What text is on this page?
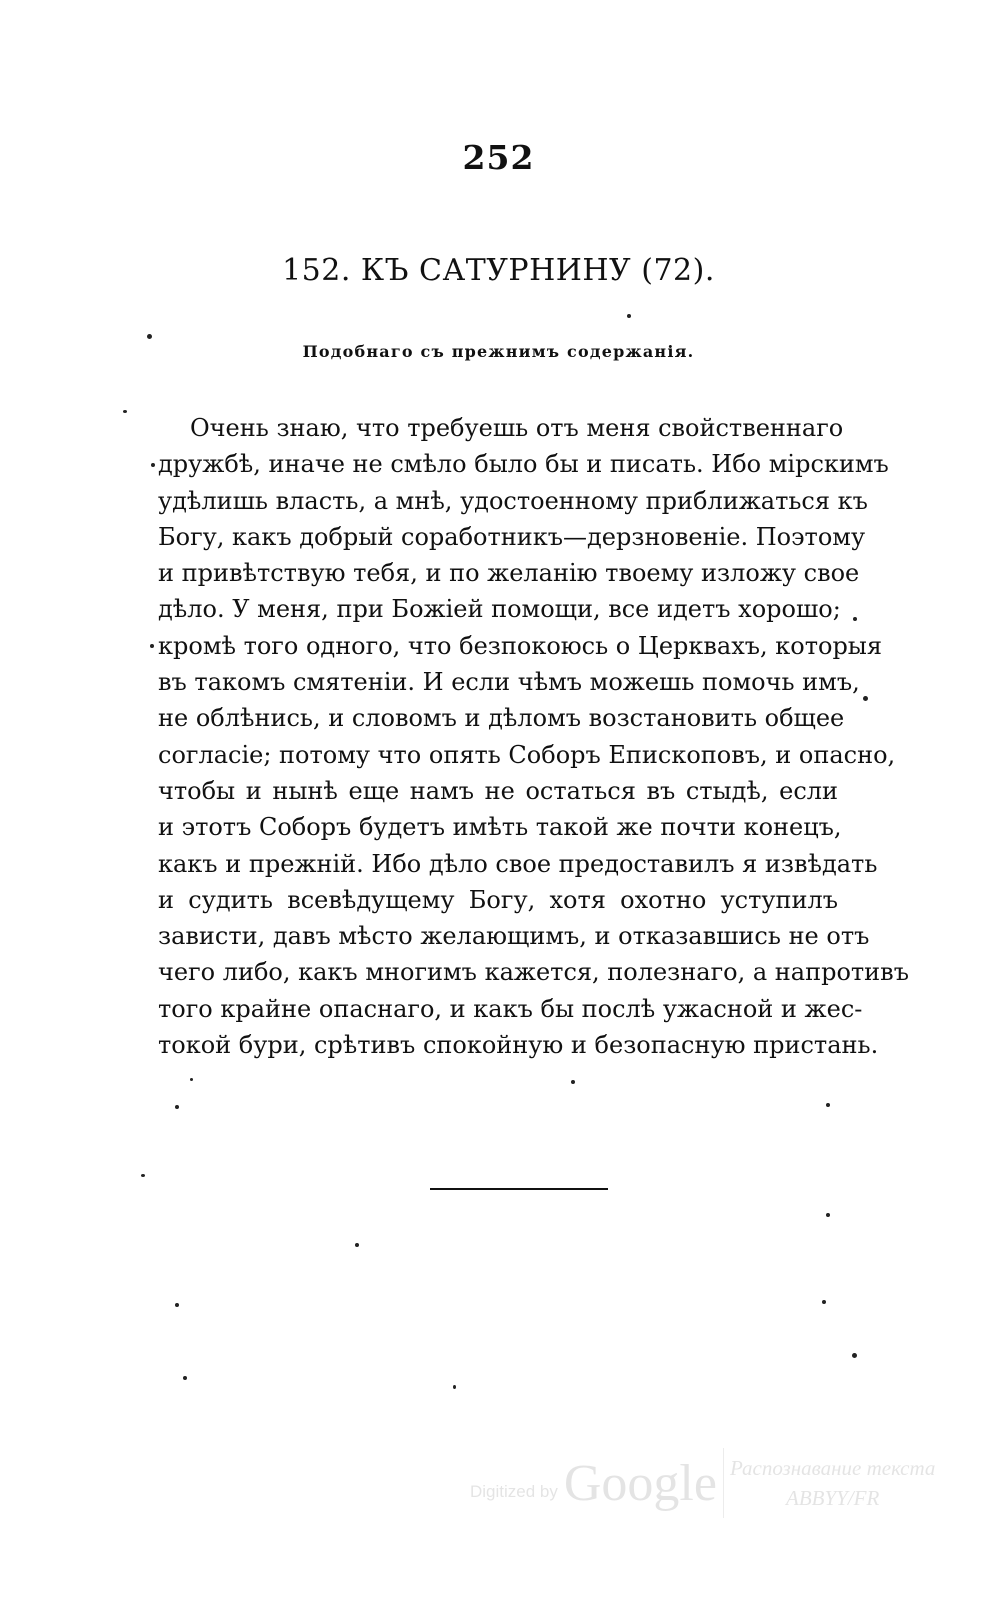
252
152. КЪ САТУРНИНУ (72).
Подобнаго съ прежнимъ содержанія.
Очень знаю, что требуешь отъ меня свойственнаго
дружбѣ, иначе не смѣло было бы и писать. Ибо мірскимъ
удѣлишь власть, а мнѣ, удостоенному приближаться къ
Богу, какъ добрый соработникъ—дерзновеніе. Поэтому
и привѣтствую тебя, и по желанію твоему изложу свое
дѣло. У меня, при Божіей помощи, все идетъ хорошо;
кромѣ того одного, что безпокоюсь о Церквахъ, которыя
въ такомъ смятеніи. И если чѣмъ можешь помочь имъ,
не облѣнись, и словомъ и дѣломъ возстановить общее
согласіе; потому что опять Соборъ Епископовъ, и опасно,
чтобы и нынѣ еще намъ не остаться въ стыдѣ, если
и этотъ Соборъ будетъ имѣть такой же почти конецъ,
какъ и прежній. Ибо дѣло свое предоставилъ я извѣдать
и судить всевѣдущему Богу, хотя охотно уступилъ
зависти, давъ мѣсто желающимъ, и отказавшись не отъ
чего либо, какъ многимъ кажется, полезнаго, а напротивъ
того крайне опаснаго, и какъ бы послѣ ужасной и жес-
токой бури, срѣтивъ спокойную и безопасную пристань.
Digitized by Google Распознавание текста
ABBYY/FR
